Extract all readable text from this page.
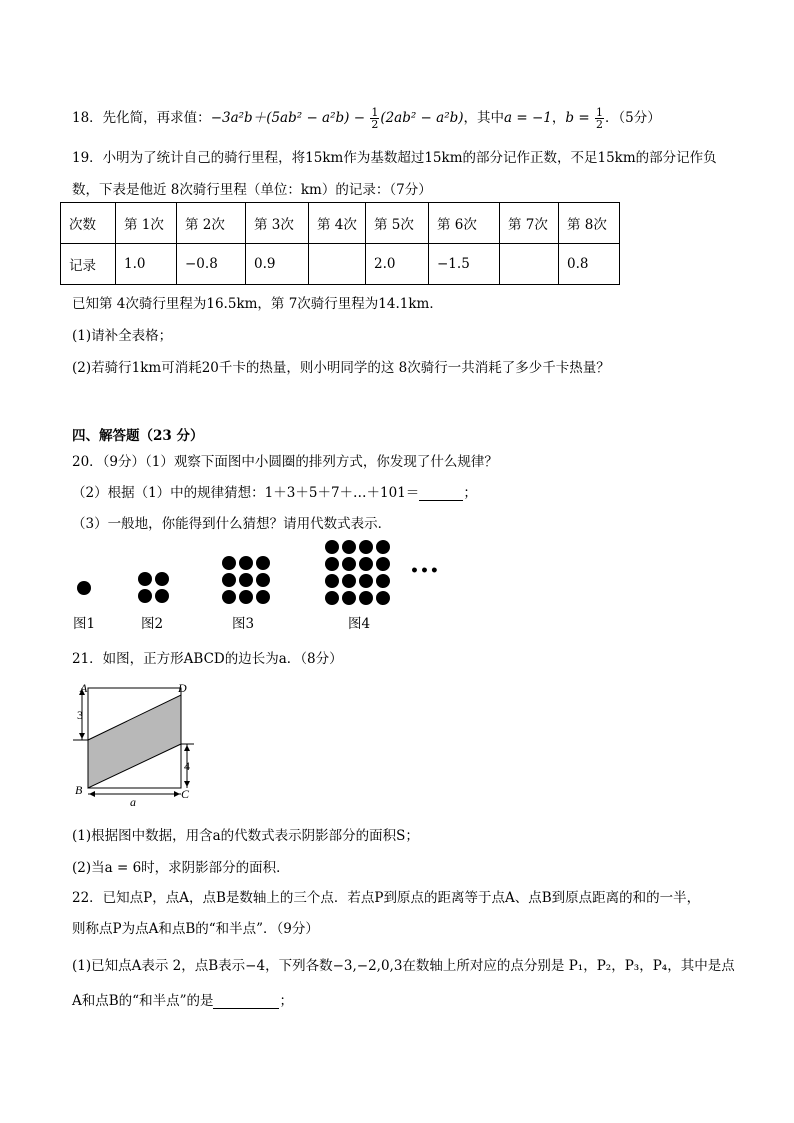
18．先化简，再求值：$-3a^2b+(5ab^2 - a^2b) - \frac{1}{2} (2ab^2 - a^2b)$，其中a = −1，$b = \frac{1}{2}$ ．（5分）
19．小明为了统计自己的骑行里程，将15km作为基数超过15km的部分记作正数，不足15km的部分记作负
数，下表是他近 8次骑行里程（单位：km）的记录：（7分）
次数	第 1次	第 2次	第 3次	第 4次	第 5次	第 6次	第 7次	第 8次
记录	1.0	−0.8	0.9		2.0	−1.5		0.8
已知第 4次骑行里程为16.5km，第 7次骑行里程为14.1km．
(1)请补全表格；
(2)若骑行1km可消耗20千卡的热量，则小明同学的这 8次骑行一共消耗了多少千卡热量？
四、解答题（23 分）
20．（9分）（1）观察下面图中小圆圈的排列方式，你发现了什么规律？
（2）根据（1）中的规律猜想：1＋3＋5＋7＋…＋101＝	；
（3）一般地，你能得到什么猜想？请用代数式表示．
•••
图1	图2	图3	图4
21．如图，正方形ABCD的边长为a．（8分）
A	D
B	C
3
4
a
(1)根据图中数据，用含a的代数式表示阴影部分的面积S；
(2)当a = 6时，求阴影部分的面积．
22．已知点P，点A，点B是数轴上的三个点．若点P到原点的距离等于点A、点B到原点距离的和的一半，
则称点P为点A和点B的“和半点”．（9分）
(1)已知点A表示 2，点B表示−4，下列各数−3,−2,0,3在数轴上所对应的点分别是 P₁，P₂，P₃，P₄，其中是点
A和点B的“和半点”的是	；
